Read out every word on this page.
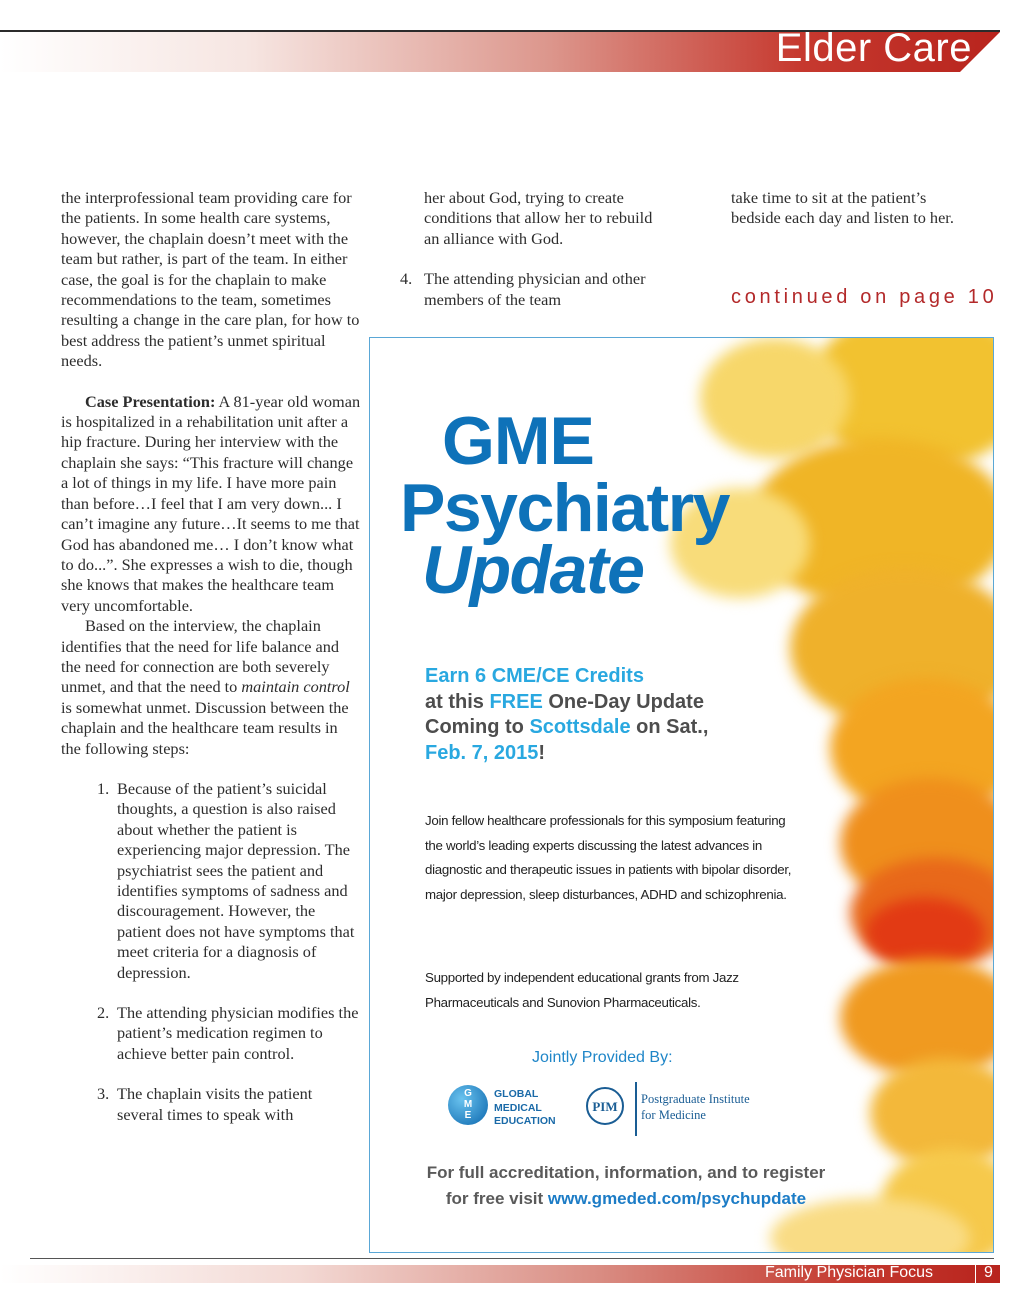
Elder Care

the interprofessional team providing care for the patients. In some health care systems, however, the chaplain doesn’t meet with the team but rather, is part of the team. In either case, the goal is for the chaplain to make recommendations to the team, sometimes resulting a change in the care plan, for how to best address the patient’s unmet spiritual needs.

Case Presentation: A 81-year old woman is hospitalized in a rehabilitation unit after a hip fracture. During her interview with the chaplain she says: “This fracture will change a lot of things in my life. I have more pain than before…I feel that I am very down... I can’t imagine any future…It seems to me that God has abandoned me… I don’t know what to do...”. She expresses a wish to die, though she knows that makes the healthcare team very uncomfortable.

Based on the interview, the chaplain identifies that the need for life balance and the need for connection are both severely unmet, and that the need to maintain control is somewhat unmet. Discussion between the chaplain and the healthcare team results in the following steps:

1. Because of the patient’s suicidal thoughts, a question is also raised about whether the patient is experiencing major depression. The psychiatrist sees the patient and identifies symptoms of sadness and discouragement. However, the patient does not have symptoms that meet criteria for a diagnosis of depression.
2. The attending physician modifies the patient’s medication regimen to achieve better pain control.
3. The chaplain visits the patient several times to speak with
her about God, trying to create conditions that allow her to rebuild an alliance with God.
4. The attending physician and other members of the team

take time to sit at the patient’s bedside each day and listen to her.

continued on page 10
GME
Psychiatry
Update
Earn 6 CME/CE Credits
at this FREE One-Day Update
Coming to Scottsdale on Sat.,
Feb. 7, 2015!
Join fellow healthcare professionals for this symposium featuring the world’s leading experts discussing the latest advances in diagnostic and therapeutic issues in patients with bipolar disorder, major depression, sleep disturbances, ADHD and schizophrenia.
Supported by independent educational grants from Jazz Pharmaceuticals and Sunovion Pharmaceuticals.
Jointly Provided By:
G M E
GLOBAL
MEDICAL
EDUCATION
PIM	Postgraduate Institute
for Medicine
For full accreditation, information, and to register
for free visit www.gmeded.com/psychupdate
Family Physician Focus	9
